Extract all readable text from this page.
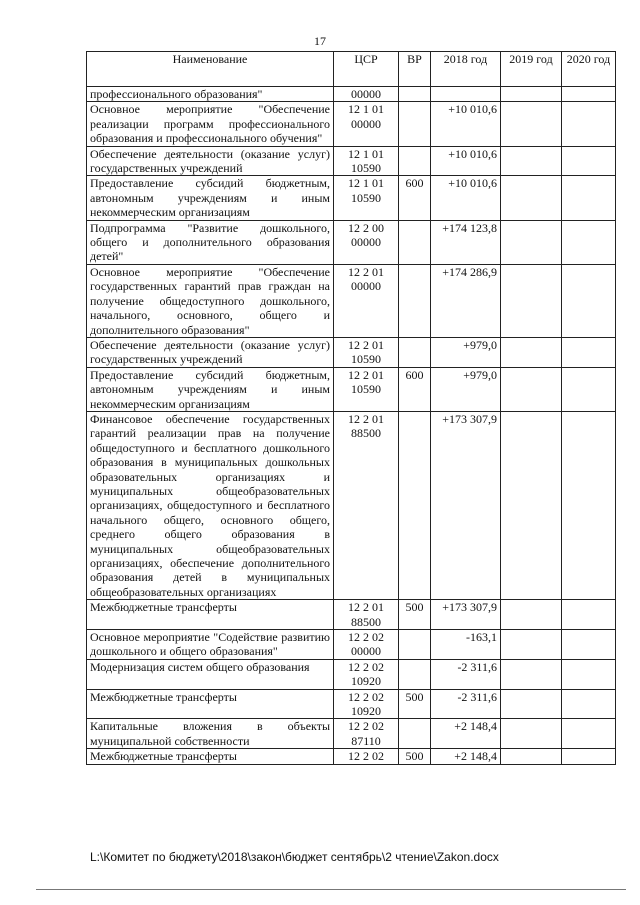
17
Наименование	ЦСР	ВР	2018 год	2019 год	2020 год
профессионального образования"	00000				
Основное мероприятие "Обеспечение реализации программ профессионального образования и профессионального обучения"	12 1 01 00000		+10 010,6		
Обеспечение деятельности (оказание услуг) государственных учреждений	12 1 01 10590		+10 010,6		
Предоставление субсидий бюджетным, автономным учреждениям и иным некоммерческим организациям	12 1 01 10590	600	+10 010,6		
Подпрограмма "Развитие дошкольного, общего и дополнительного образования детей"	12 2 00 00000		+174 123,8		
Основное мероприятие "Обеспечение государственных гарантий прав граждан на получение общедоступного дошкольного, начального, основного, общего и дополнительного образования"	12 2 01 00000		+174 286,9		
Обеспечение деятельности (оказание услуг) государственных учреждений	12 2 01 10590		+979,0		
Предоставление субсидий бюджетным, автономным учреждениям и иным некоммерческим организациям	12 2 01 10590	600	+979,0		
Финансовое обеспечение государственных гарантий реализации прав на получение общедоступного и бесплатного дошкольного образования в муниципальных дошкольных образовательных организациях и муниципальных общеобразовательных организациях, общедоступного и бесплатного начального общего, основного общего, среднего общего образования в муниципальных общеобразовательных организациях, обеспечение дополнительного образования детей в муниципальных общеобразовательных организациях	12 2 01 88500		+173 307,9		
Межбюджетные трансферты	12 2 01 88500	500	+173 307,9		
Основное мероприятие "Содействие развитию дошкольного и общего образования"	12 2 02 00000		-163,1		
Модернизация систем общего образования	12 2 02 10920		-2 311,6		
Межбюджетные трансферты	12 2 02 10920	500	-2 311,6		
Капитальные вложения в объекты муниципальной собственности	12 2 02 87110		+2 148,4		
Межбюджетные трансферты	12 2 02	500	+2 148,4		
L:\Комитет по бюджету\2018\закон\бюджет сентябрь\2 чтение\Zakon.docx
